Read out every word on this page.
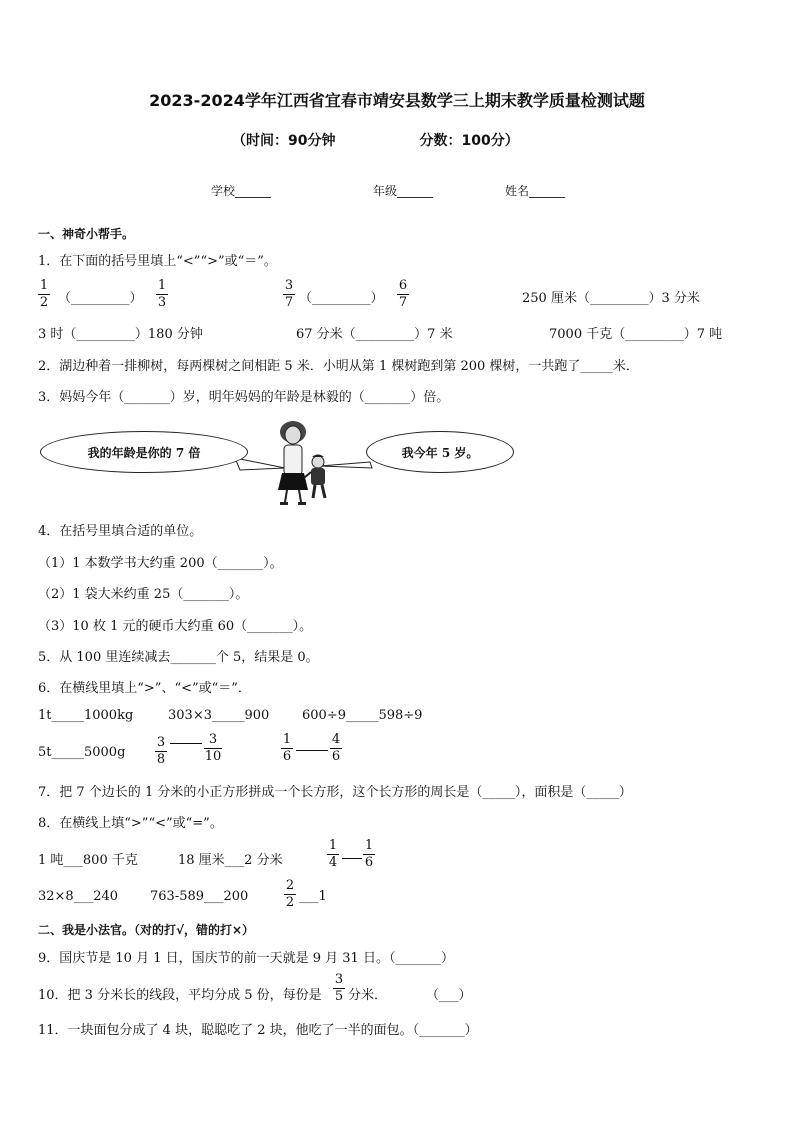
2023-2024学年江西省宜春市靖安县数学三上期末教学质量检测试题
（时间：90分钟　　　　　　分数：100分）
学校______	年级______	姓名______
一、神奇小帮手。
1．在下面的括号里填上“<”“>”或“＝”。
1
2 （_________）
1
3
3
7 （_________）
6
7	250 厘米（_________）3 分米
3 时（_________）180 分钟	67 分米（_________）7 米	7000 千克（_________）7 吨
2．湖边种着一排柳树，每两棵树之间相距 5 米．小明从第 1 棵树跑到第 200 棵树，一共跑了_____米．
3．妈妈今年（_______）岁，明年妈妈的年龄是林毅的（_______）倍。
我的年龄是你的 7 倍	我今年 5 岁。
4．在括号里填合适的单位。
（1）1 本数学书大约重 200（_______）。
（2）1 袋大米约重 25（_______）。
（3）10 枚 1 元的硬币大约重 60（_______）。
5．从 100 里连续减去_______个 5，结果是 0。
6．在横线里填上“>”、“<”或“＝”．
1t_____1000kg	303×3_____900	600÷9_____598÷9
5t_____5000g
3
8
3
10
1
6
4
6
7．把 7 个边长的 1 分米的小正方形拼成一个长方形，这个长方形的周长是（_____），面积是（_____）
8．在横线上填“>”“<”或“=”。
1 吨___800 千克	18 厘米___2 分米
1
4
1
6
32×8___240 763-589___200
2
2 ___1
二、我是小法官。（对的打√，错的打×）
9．国庆节是 10 月 1 日，国庆节的前一天就是 9 月 31 日。（_______）
10．把 3 分米长的线段，平均分成 5 份，每份是
3
5 分米．　　　　（___）
11．一块面包分成了 4 块，聪聪吃了 2 块，他吃了一半的面包。（_______）
